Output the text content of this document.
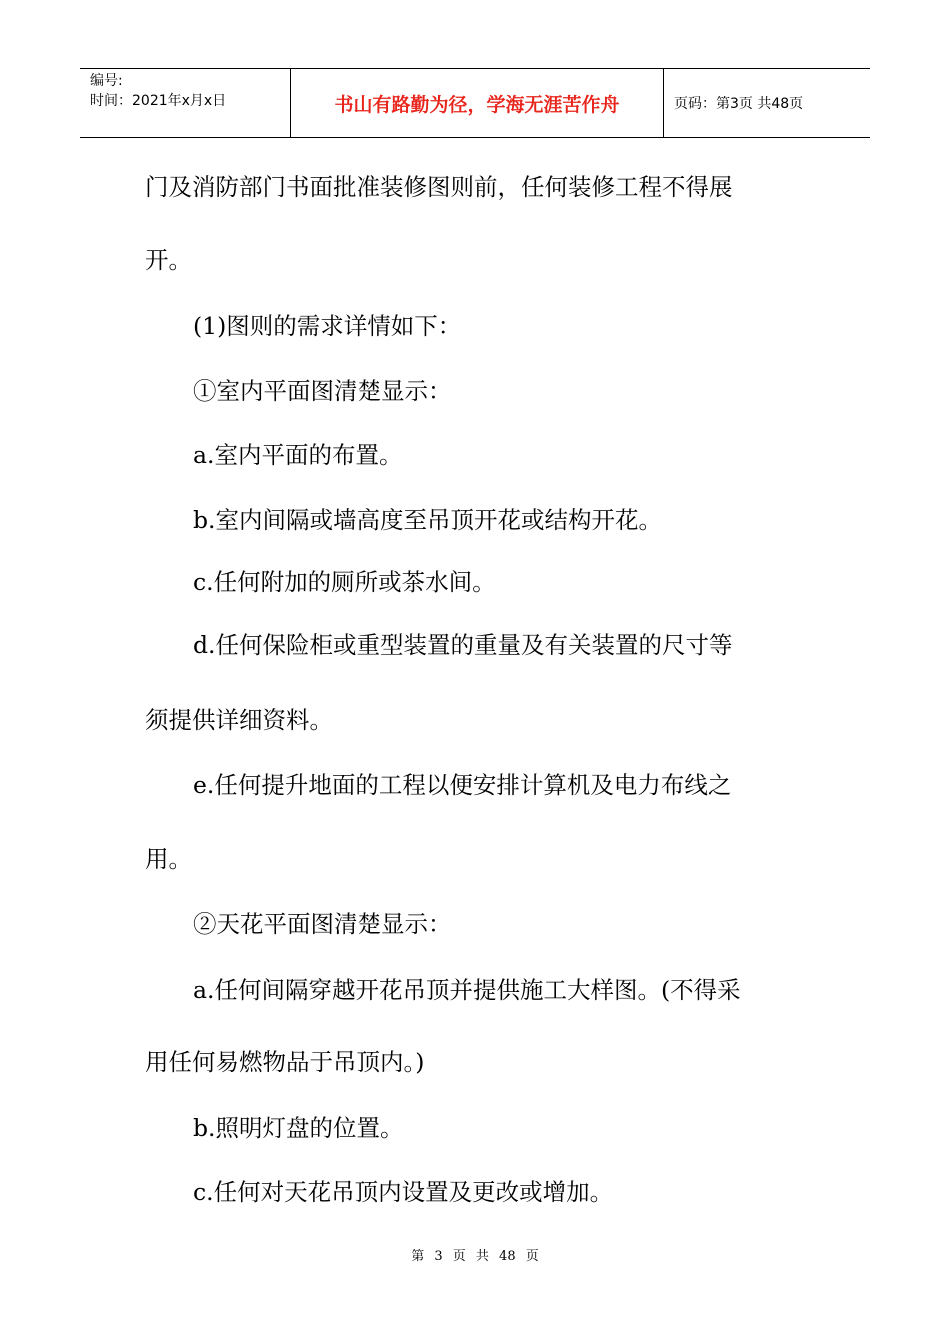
编号:
时间：2021年x月x日	书山有路勤为径，学海无涯苦作舟	页码：第3页 共48页
门及消防部门书面批准装修图则前，任何装修工程不得展
开。
(1)图则的需求详情如下：
①室内平面图清楚显示：
a.室内平面的布置。
b.室内间隔或墙高度至吊顶开花或结构开花。
c.任何附加的厕所或茶水间。
d.任何保险柜或重型装置的重量及有关装置的尺寸等
须提供详细资料。
e.任何提升地面的工程以便安排计算机及电力布线之
用。
②天花平面图清楚显示：
a.任何间隔穿越开花吊顶并提供施工大样图。(不得采
用任何易燃物品于吊顶内。)
b.照明灯盘的位置。
c.任何对天花吊顶内设置及更改或增加。
第 3 页 共 48 页
